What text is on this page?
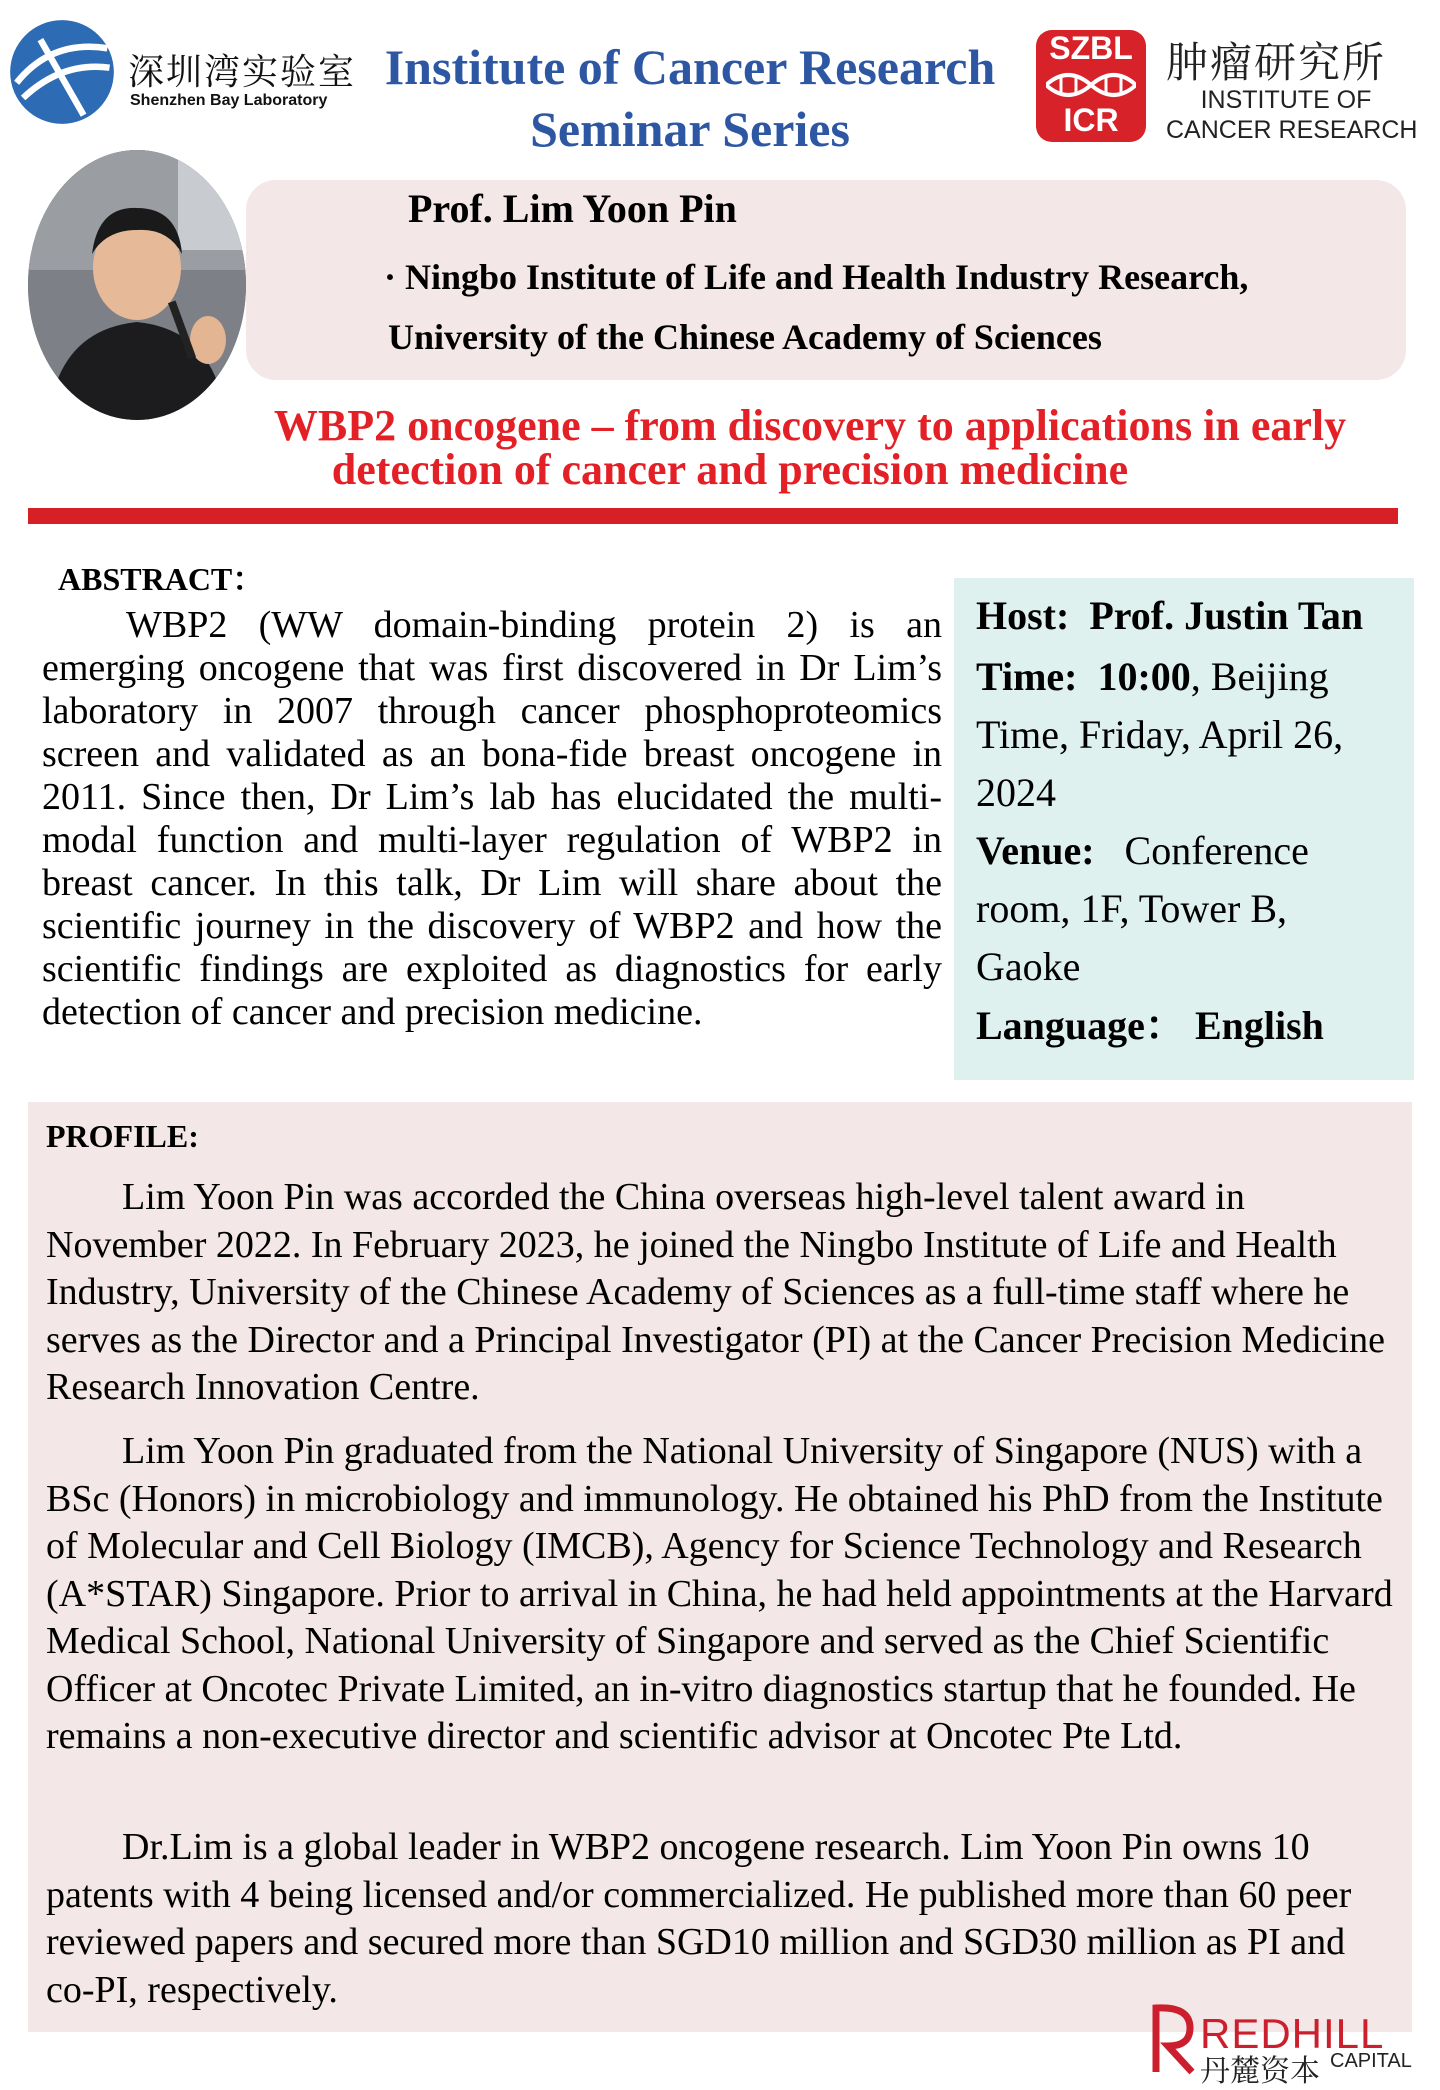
深圳湾实验室
Shenzhen Bay Laboratory
Institute of Cancer Research
Seminar Series
SZBL
ICR
肿瘤研究所
INSTITUTE OF
CANCER RESEARCH
Prof. Lim Yoon Pin
· Ningbo Institute of Life and Health Industry Research,
University of the Chinese Academy of Sciences
WBP2 oncogene – from discovery to applications in early
detection of cancer and precision medicine
ABSTRACT：

WBP2 (WW domain-binding protein 2) is an emerging oncogene that was first discovered in Dr Lim’s laboratory in 2007 through cancer phosphoproteomics screen and validated as an bona-fide breast oncogene in 2011. Since then, Dr Lim’s lab has elucidated the multi-modal function and multi-layer regulation of WBP2 in breast cancer. In this talk, Dr Lim will share about the scientific journey in the discovery of WBP2 and how the scientific findings are exploited as diagnostics for early detection of cancer and precision medicine.

Host: Prof. Justin Tan
Time: 10:00, Beijing Time, Friday, April 26, 2024
Venue: Conference room, 1F, Tower B, Gaoke
Language： English
PROFILE:

Lim Yoon Pin was accorded the China overseas high-level talent award in November 2022. In February 2023, he joined the Ningbo Institute of Life and Health Industry, University of the Chinese Academy of Sciences as a full-time staff where he serves as the Director and a Principal Investigator (PI) at the Cancer Precision Medicine Research Innovation Centre.

Lim Yoon Pin graduated from the National University of Singapore (NUS) with a BSc (Honors) in microbiology and immunology. He obtained his PhD from the Institute of Molecular and Cell Biology (IMCB), Agency for Science Technology and Research (A*STAR) Singapore. Prior to arrival in China, he had held appointments at the Harvard Medical School, National University of Singapore and served as the Chief Scientific Officer at Oncotec Private Limited, an in-vitro diagnostics startup that he founded. He remains a non-executive director and scientific advisor at Oncotec Pte Ltd.

Dr.Lim is a global leader in WBP2 oncogene research. Lim Yoon Pin owns 10 patents with 4 being licensed and/or commercialized. He published more than 60 peer reviewed papers and secured more than SGD10 million and SGD30 million as PI and co-PI, respectively.

REDHILL
丹麓资本 CAPITAL
